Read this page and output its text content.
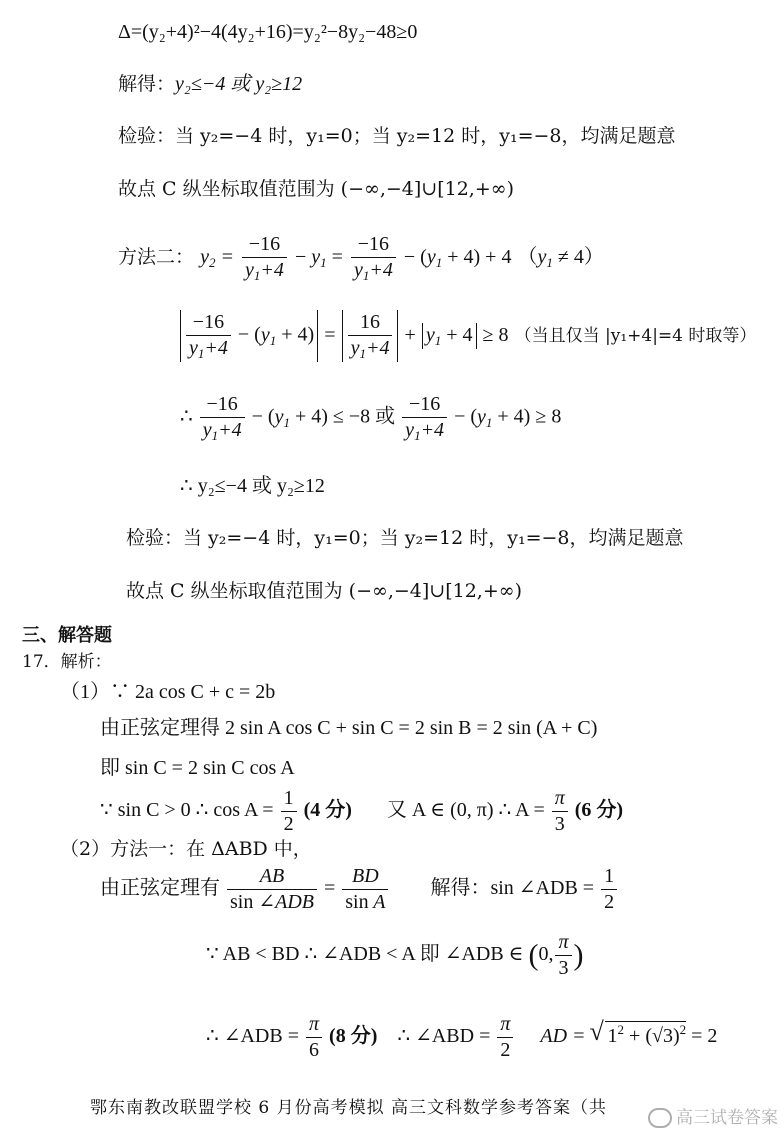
Δ=(y₂+4)²−4(4y₂+16)=y₂²−8y₂−48≥0
解得：y₂≤−4 或 y₂≥12
检验：当 y₂=−4 时，y₁=0；当 y₂=12 时，y₁=−8，均满足题意
故点 C 纵坐标取值范围为 (−∞,−4]∪[12,+∞)
方法二： $y_2 = \frac{-16}{y_1+4} - y_1 = \frac{-16}{y_1+4} - (y_1 + 4) + 4$ $(y_1 \ne 4)$
$\frac{-16}{y_1+4} - (y_1 + 4) = \frac{16}{y_1+4} + y_1 + 4 \ge 8$ （当且仅当 |y₁+4|=4 时取等）
∴ $\frac{-16}{y_1+4} - (y_1 + 4) \le -8$ 或 $\frac{-16}{y_1+4} - (y_1 + 4) \ge 8$
∴ y₂≤−4 或 y₂≥12
检验：当 y₂=−4 时，y₁=0；当 y₂=12 时，y₁=−8，均满足题意
故点 C 纵坐标取值范围为 (−∞,−4]∪[12,+∞)
三、解答题
17．解析：
（1）∵ 2a cos C + c = 2b
由正弦定理得 2 sin A cos C + sin C = 2 sin B = 2 sin (A + C)
即 sin C = 2 sin C cos A
∵ sin C > 0 ∴ $\cos A = \frac{1}{2} (4$ 分) 又 A ∈ (0, π) ∴ $A = \frac{\pi}{3} (6$ 分)
（2）方法一：在 ΔABD 中，
由正弦定理有
AB
sin ∠ADB
= $\frac{BD}{\text{sin A}}$ 解得：sin ∠ADB = $\frac{1}{2}$
∵ AB < BD ∴ ∠ADB < A 即 ∠ADB ∈ (0, $\frac{\pi}{3}$ )
∴ ∠ADB = $\frac{\pi}{6} (8$ 分) ∴ ∠ABD = $\frac{\pi}{2}$ AD = √ $1^2 + (√3)^2 = 2$
鄂东南教改联盟学校 6 月份高考模拟 高三文科数学参考答案（共	高三试卷答案
